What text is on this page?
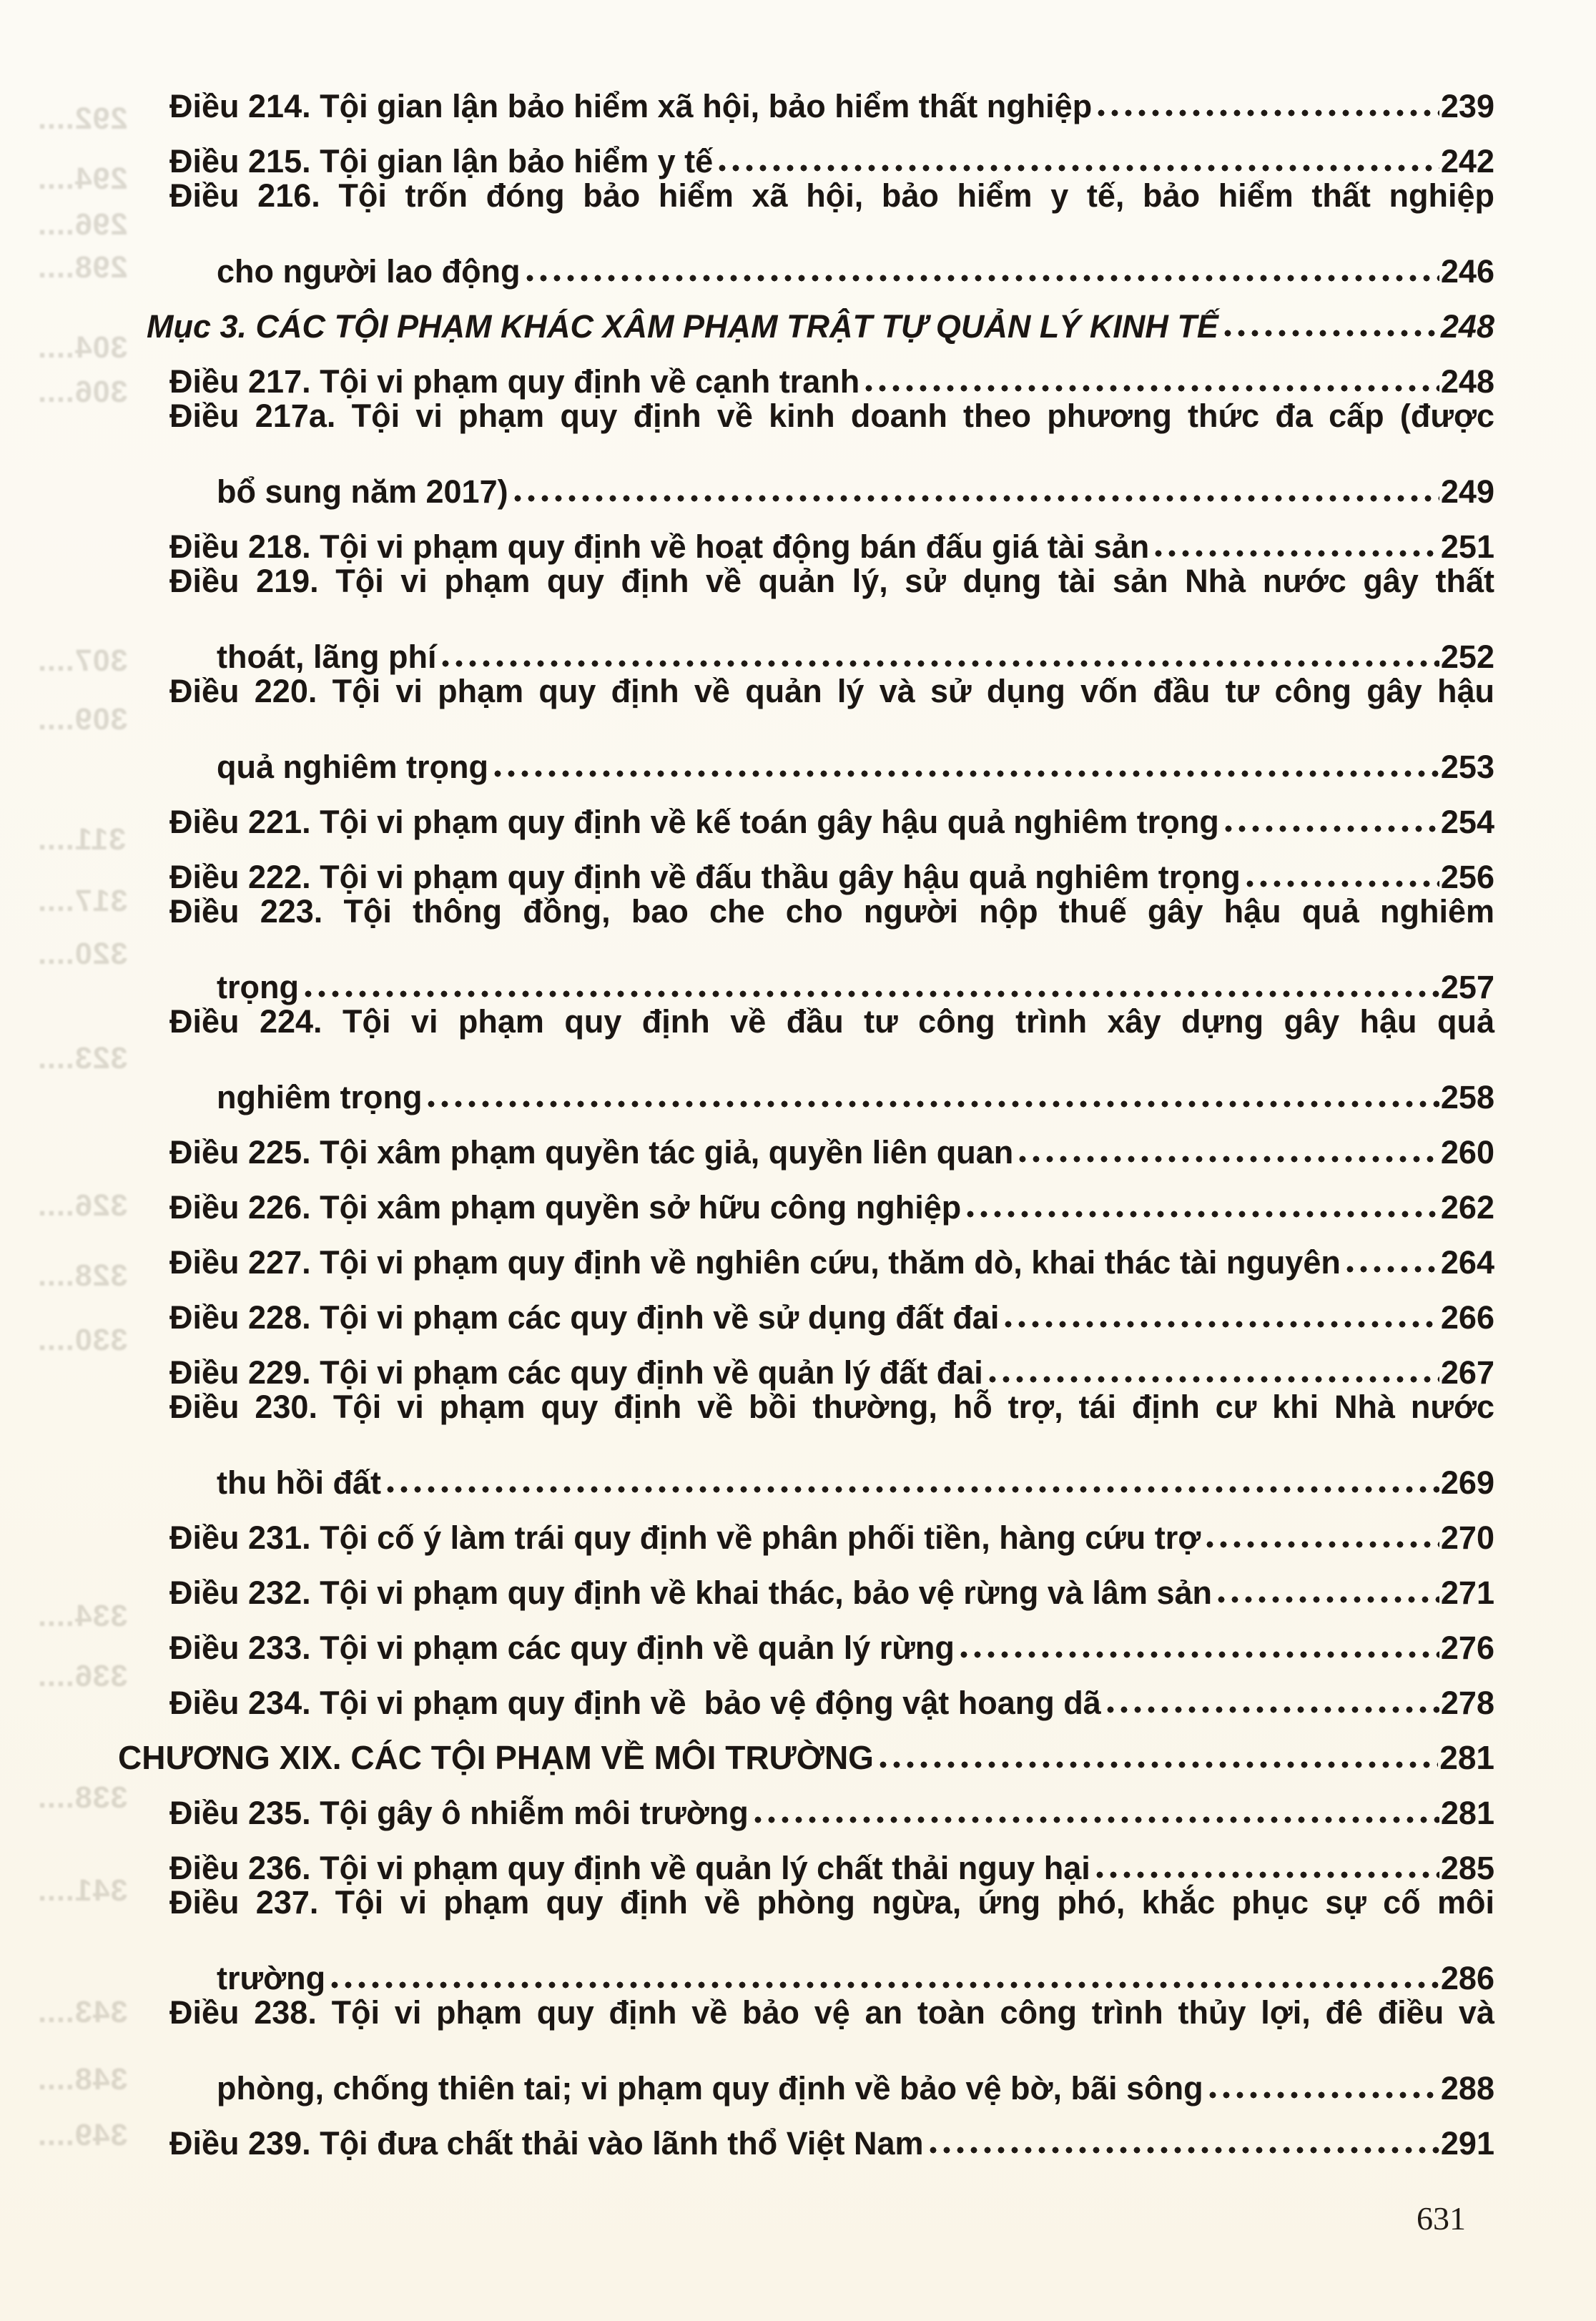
292....
294....
296....
298....
304....
306....
307....
309....
311....
317....
320....
323....
326....
328....
330....
334....
336....
338....
341....
343....
348....
349....
Điều 214. Tội gian lận bảo hiểm xã hội, bảo hiểm thất nghiệp	239
Điều 215. Tội gian lận bảo hiểm y tế	242
Điều 216. Tội trốn đóng bảo hiểm xã hội, bảo hiểm y tế, bảo hiểm thất nghiệp
cho người lao động	246
Mục 3. CÁC TỘI PHẠM KHÁC XÂM PHẠM TRẬT TỰ QUẢN LÝ KINH TẾ	248
Điều 217. Tội vi phạm quy định về cạnh tranh	248
Điều 217a. Tội vi phạm quy định về kinh doanh theo phương thức đa cấp (được
bổ sung năm 2017)	249
Điều 218. Tội vi phạm quy định về hoạt động bán đấu giá tài sản	251
Điều 219. Tội vi phạm quy định về quản lý, sử dụng tài sản Nhà nước gây thất
thoát, lãng phí	252
Điều 220. Tội vi phạm quy định về quản lý và sử dụng vốn đầu tư công gây hậu
quả nghiêm trọng	253
Điều 221. Tội vi phạm quy định về kế toán gây hậu quả nghiêm trọng	254
Điều 222. Tội vi phạm quy định về đấu thầu gây hậu quả nghiêm trọng	256
Điều 223. Tội thông đồng, bao che cho người nộp thuế gây hậu quả nghiêm
trọng	257
Điều 224. Tội vi phạm quy định về đầu tư công trình xây dựng gây hậu quả
nghiêm trọng	258
Điều 225. Tội xâm phạm quyền tác giả, quyền liên quan	260
Điều 226. Tội xâm phạm quyền sở hữu công nghiệp	262
Điều 227. Tội vi phạm quy định về nghiên cứu, thăm dò, khai thác tài nguyên	264
Điều 228. Tội vi phạm các quy định về sử dụng đất đai	266
Điều 229. Tội vi phạm các quy định về quản lý đất đai	267
Điều 230. Tội vi phạm quy định về bồi thường, hỗ trợ, tái định cư khi Nhà nước
thu hồi đất	269
Điều 231. Tội cố ý làm trái quy định về phân phối tiền, hàng cứu trợ	270
Điều 232. Tội vi phạm quy định về khai thác, bảo vệ rừng và lâm sản	271
Điều 233. Tội vi phạm các quy định về quản lý rừng	276
Điều 234. Tội vi phạm quy định về  bảo vệ động vật hoang dã	278
CHƯƠNG XIX. CÁC TỘI PHẠM VỀ MÔI TRƯỜNG	281
Điều 235. Tội gây ô nhiễm môi trường	281
Điều 236. Tội vi phạm quy định về quản lý chất thải nguy hại	285
Điều 237. Tội vi phạm quy định về phòng ngừa, ứng phó, khắc phục sự cố môi
trường	286
Điều 238. Tội vi phạm quy định về bảo vệ an toàn công trình thủy lợi, đê điều và
phòng, chống thiên tai; vi phạm quy định về bảo vệ bờ, bãi sông	288
Điều 239. Tội đưa chất thải vào lãnh thổ Việt Nam	291
631
